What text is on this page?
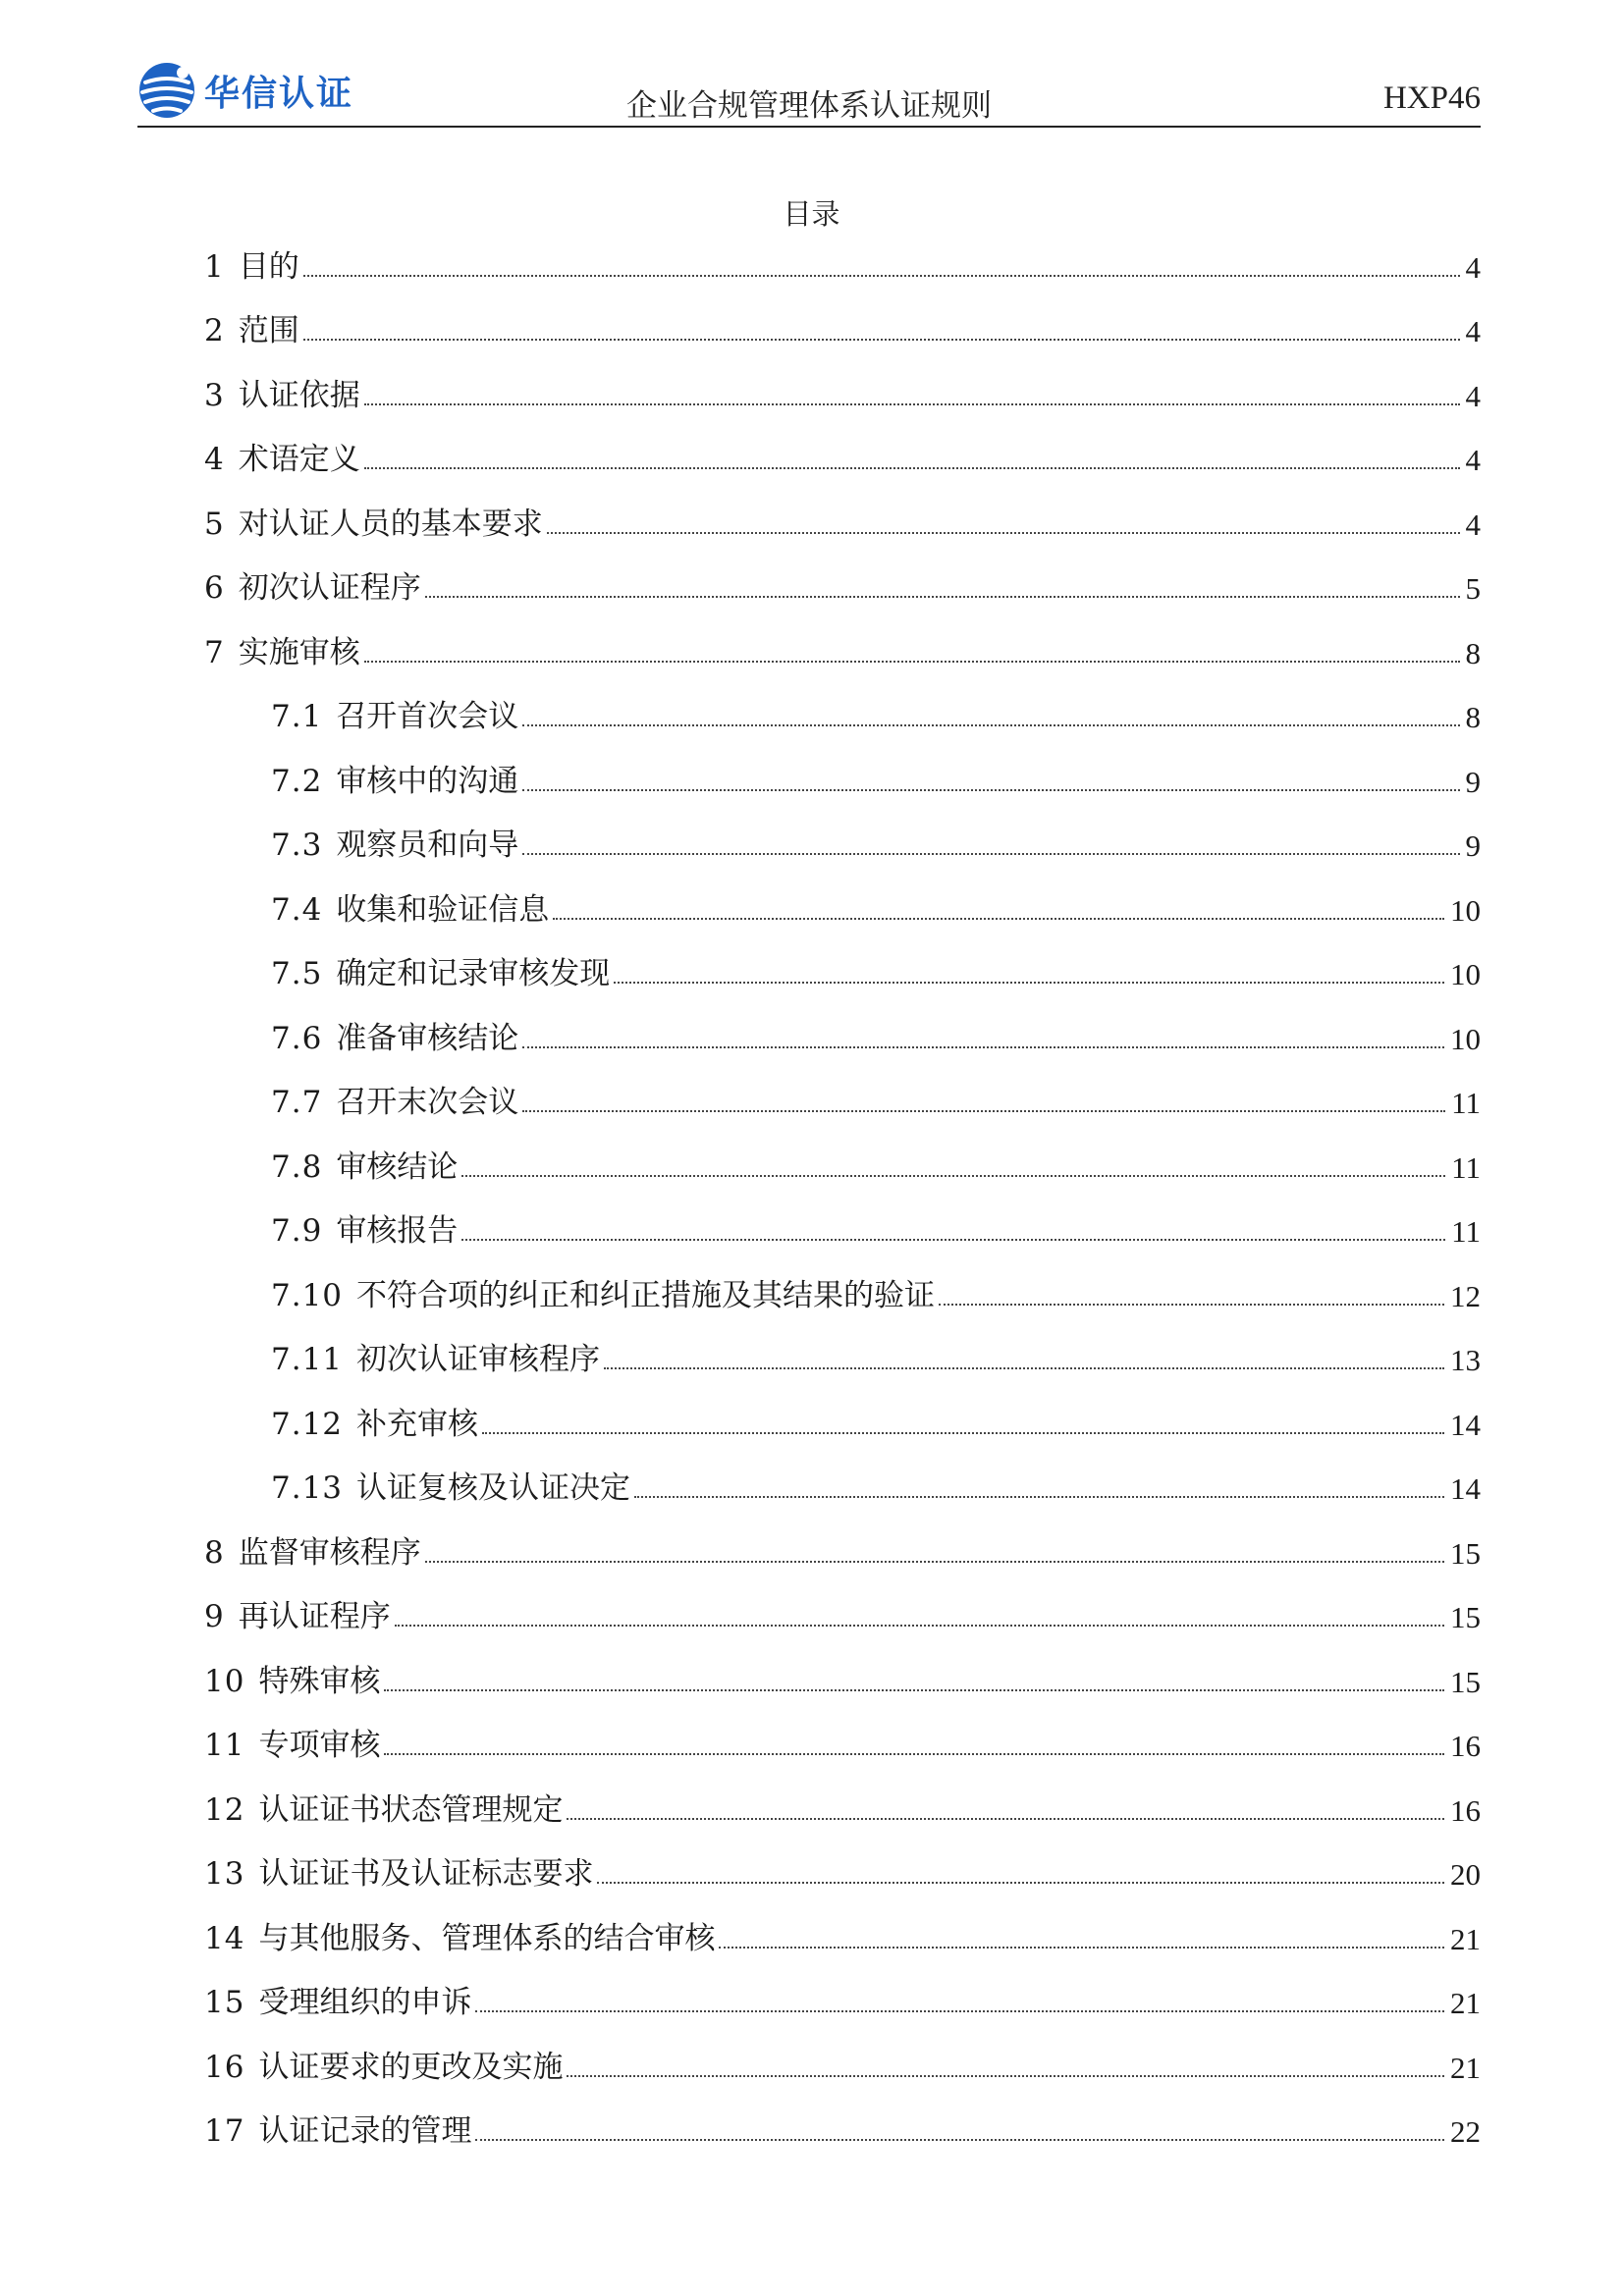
华信认证	企业合规管理体系认证规则	HXP46
目录
1 目的	4
2 范围	4
3 认证依据	4
4 术语定义	4
5 对认证人员的基本要求	4
6 初次认证程序	5
7 实施审核	8
7.1 召开首次会议	8
7.2 审核中的沟通	9
7.3 观察员和向导	9
7.4 收集和验证信息	10
7.5 确定和记录审核发现	10
7.6 准备审核结论	10
7.7 召开末次会议	11
7.8 审核结论	11
7.9 审核报告	11
7.10 不符合项的纠正和纠正措施及其结果的验证	12
7.11 初次认证审核程序	13
7.12 补充审核	14
7.13 认证复核及认证决定	14
8 监督审核程序	15
9 再认证程序	15
10 特殊审核	15
11 专项审核	16
12 认证证书状态管理规定	16
13 认证证书及认证标志要求	20
14 与其他服务、管理体系的结合审核	21
15 受理组织的申诉	21
16 认证要求的更改及实施	21
17 认证记录的管理	22
